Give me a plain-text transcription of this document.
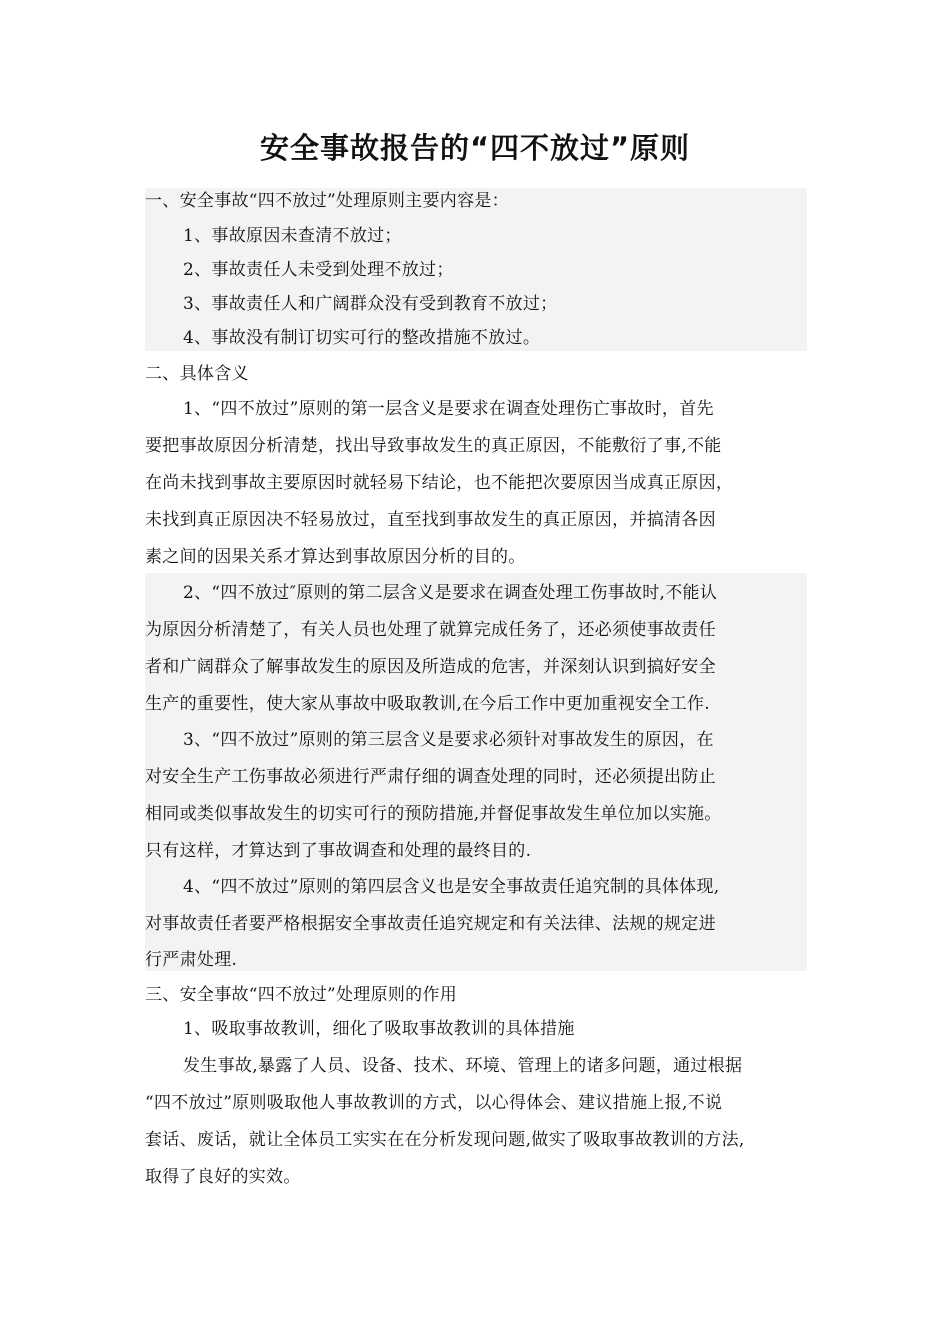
安全事故报告的“四不放过”原则
一、安全事故“四不放过”处理原则主要内容是：
1、事故原因未查清不放过；
2、事故责任人未受到处理不放过；
3、事故责任人和广阔群众没有受到教育不放过；
4、事故没有制订切实可行的整改措施不放过。
二、具体含义
1、“四不放过”原则的第一层含义是要求在调查处理伤亡事故时，首先
要把事故原因分析清楚，找出导致事故发生的真正原因，不能敷衍了事,不能
在尚未找到事故主要原因时就轻易下结论，也不能把次要原因当成真正原因，
未找到真正原因决不轻易放过，直至找到事故发生的真正原因，并搞清各因
素之间的因果关系才算达到事故原因分析的目的。
2、“四不放过″原则的第二层含义是要求在调查处理工伤事故时,不能认
为原因分析清楚了，有关人员也处理了就算完成任务了，还必须使事故责任
者和广阔群众了解事故发生的原因及所造成的危害，并深刻认识到搞好安全
生产的重要性，使大家从事故中吸取教训,在今后工作中更加重视安全工作.
3、“四不放过”原则的第三层含义是要求必须针对事故发生的原因，在
对安全生产工伤事故必须进行严肃仔细的调查处理的同时，还必须提出防止
相同或类似事故发生的切实可行的预防措施,并督促事故发生单位加以实施。
只有这样，才算达到了事故调查和处理的最终目的.
4、“四不放过”原则的第四层含义也是安全事故责任追究制的具体体现,
对事故责任者要严格根据安全事故责任追究规定和有关法律、法规的规定进
行严肃处理.
三、安全事故“四不放过”处理原则的作用
1、吸取事故教训，细化了吸取事故教训的具体措施
发生事故,暴露了人员、设备、技术、环境、管理上的诸多问题，通过根据
“四不放过”原则吸取他人事故教训的方式，以心得体会、建议措施上报,不说
套话、废话，就让全体员工实实在在分析发现问题,做实了吸取事故教训的方法,
取得了良好的实效。
